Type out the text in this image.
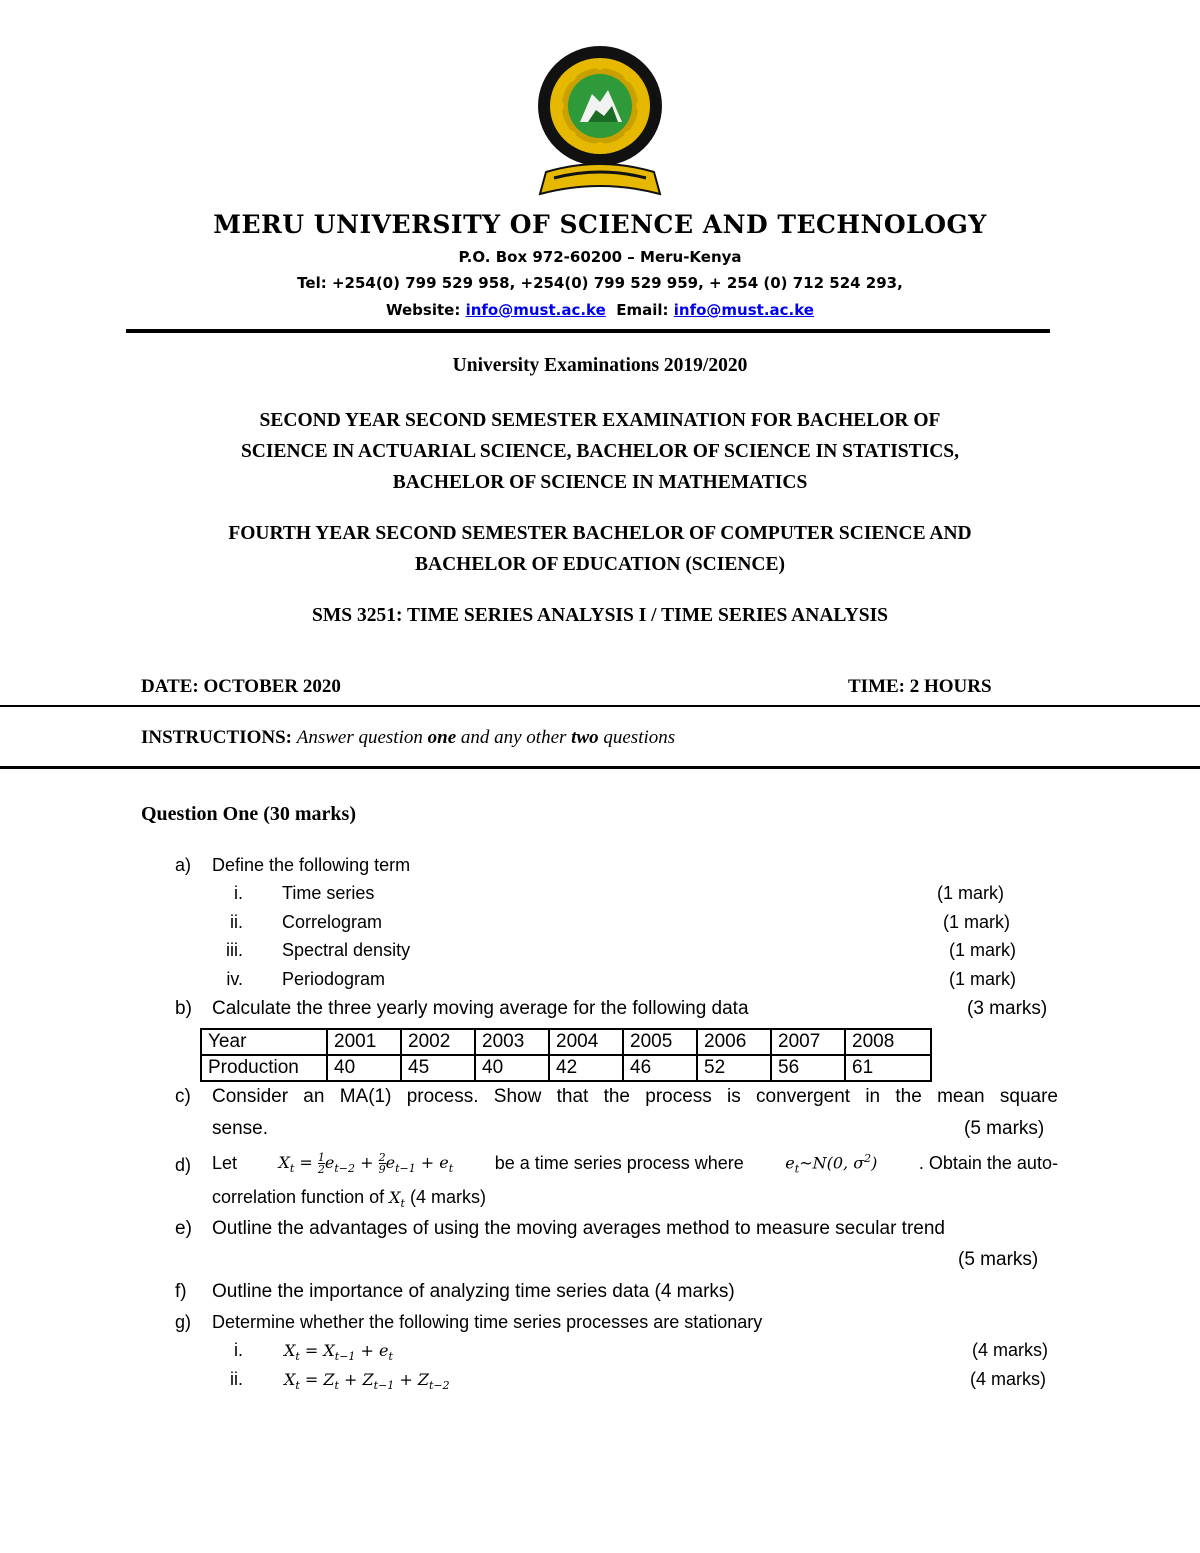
MERU UNIVERSITY OF SCIENCE AND TECHNOLOGY
P.O. Box 972-60200 – Meru-Kenya
Tel: +254(0) 799 529 958, +254(0) 799 529 959, + 254 (0) 712 524 293,
Website: info@must.ac.ke Email: info@must.ac.ke
University Examinations 2019/2020
SECOND YEAR SECOND SEMESTER EXAMINATION FOR BACHELOR OF
SCIENCE IN ACTUARIAL SCIENCE, BACHELOR OF SCIENCE IN STATISTICS,
BACHELOR OF SCIENCE IN MATHEMATICS
FOURTH YEAR SECOND SEMESTER BACHELOR OF COMPUTER SCIENCE AND
BACHELOR OF EDUCATION (SCIENCE)
SMS 3251: TIME SERIES ANALYSIS I / TIME SERIES ANALYSIS
DATE: OCTOBER 2020	TIME: 2 HOURS
INSTRUCTIONS: Answer question one and any other two questions
Question One (30 marks)
a) Define the following term
i. Time series	(1 mark)
ii. Correlogram	(1 mark)
iii. Spectral density	(1 mark)
iv. Periodogram	(1 mark)
b) Calculate the three yearly moving average for the following data	(3 marks)
Year	2001	2002	2003	2004	2005	2006	2007	2008
Production	40	45	40	42	46	52	56	61
c) Consider an MA(1) process. Show that the process is convergent in the mean square
sense.	(5 marks)
d) Let	$X_t = \frac{1}{2} e_{t-2} + \frac{2}{9} e_{t-1} + e_t$ be a time series process where	$e_t\sim N(0$, $\sigma^2$) . Obtain the auto-
correlation function of $X_t$ (4 marks)
e) Outline the advantages of using the moving averages method to measure secular trend
(5 marks)
f) Outline the importance of analyzing time series data (4 marks)
g) Determine whether the following time series processes are stationary
i.	$X_t = X_{t-1} + e_t$	(4 marks)
ii.	$X_t = Z_t + Z_{t-1} + Z_{t-2}$	(4 marks)
